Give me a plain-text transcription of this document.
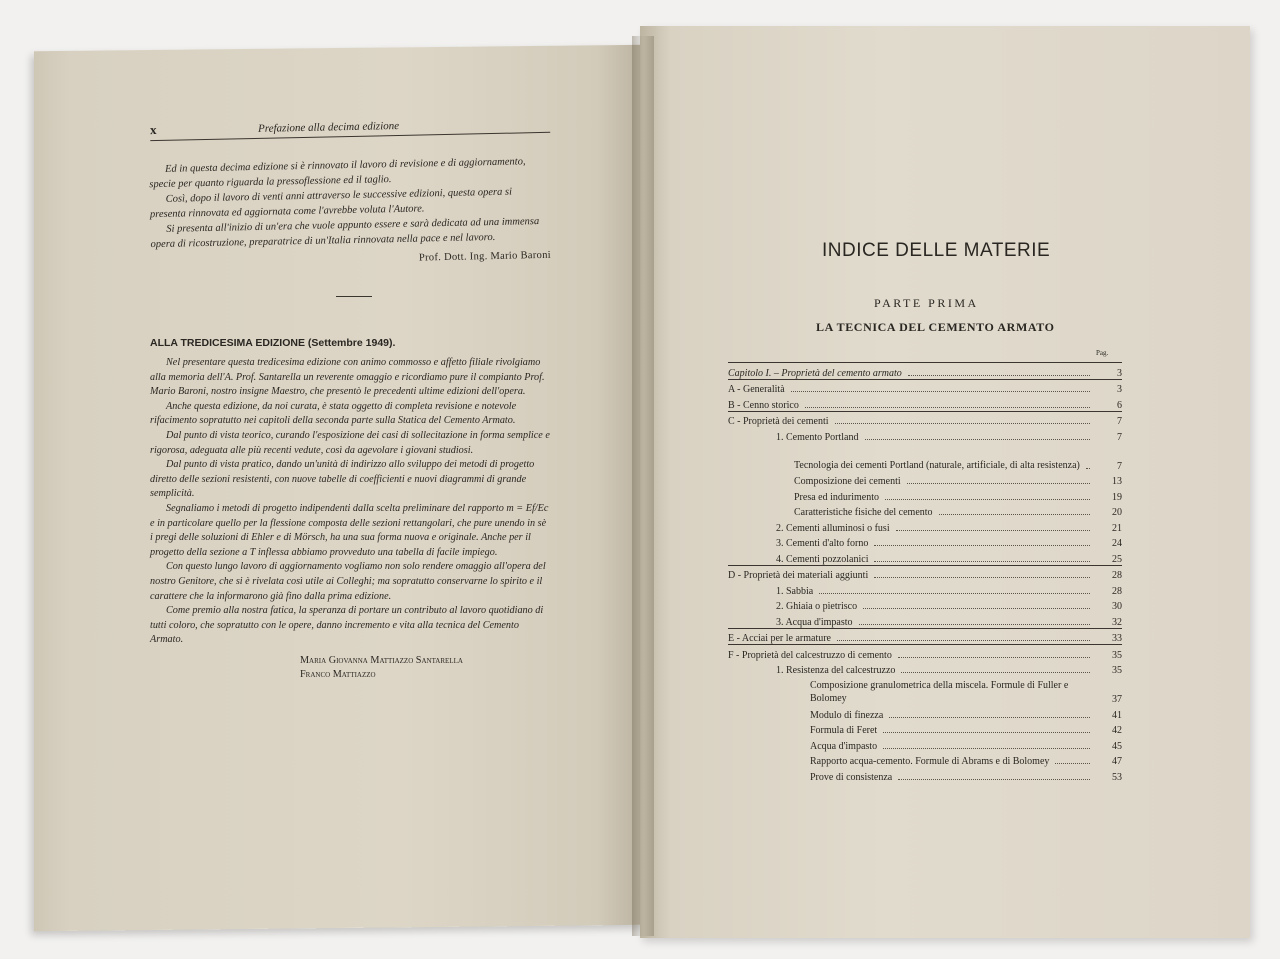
x	Prefazione alla decima edizione

Ed in questa decima edizione si è rinnovato il lavoro di revisione e di aggiornamento, specie per quanto riguarda la pressoflessione ed il taglio.

Così, dopo il lavoro di venti anni attraverso le successive edizioni, questa opera si presenta rinnovata ed aggiornata come l'avrebbe voluta l'Autore.

Si presenta all'inizio di un'era che vuole appunto essere e sarà dedicata ad una immensa opera di ricostruzione, preparatrice di un'Italia rinnovata nella pace e nel lavoro.

Prof. Dott. Ing. Mario Baroni

ALLA TREDICESIMA EDIZIONE (Settembre 1949).

Nel presentare questa tredicesima edizione con animo commosso e affetto filiale rivolgiamo alla memoria dell'A. Prof. Santarella un reverente omaggio e ricordiamo pure il compianto Prof. Mario Baroni, nostro insigne Maestro, che presentò le precedenti ultime edizioni dell'opera.

Anche questa edizione, da noi curata, è stata oggetto di completa revisione e notevole rifacimento sopratutto nei capitoli della seconda parte sulla Statica del Cemento Armato.

Dal punto di vista teorico, curando l'esposizione dei casi di sollecitazione in forma semplice e rigorosa, adeguata alle più recenti vedute, così da agevolare i giovani studiosi.

Dal punto di vista pratico, dando un'unità di indirizzo allo sviluppo dei metodi di progetto diretto delle sezioni resistenti, con nuove tabelle di coefficienti e nuovi diagrammi di grande semplicità.

Segnaliamo i metodi di progetto indipendenti dalla scelta preliminare del rapporto m = Ef/Ec e in particolare quello per la flessione composta delle sezioni rettangolari, che pure unendo in sè i pregi delle soluzioni di Ehler e di Mörsch, ha una sua forma nuova e originale. Anche per il progetto della sezione a T inflessa abbiamo provveduto una tabella di facile impiego.

Con questo lungo lavoro di aggiornamento vogliamo non solo rendere omaggio all'opera del nostro Genitore, che si è rivelata così utile ai Colleghi; ma sopratutto conservarne lo spirito e il carattere che la informarono già fino dalla prima edizione.

Come premio alla nostra fatica, la speranza di portare un contributo al lavoro quotidiano di tutti coloro, che sopratutto con le opere, danno incremento e vita alla tecnica del Cemento Armato.

Maria Giovanna Mattiazzo Santarella

Franco Mattiazzo

INDICE DELLE MATERIE
PARTE PRIMA
LA TECNICA DEL CEMENTO ARMATO
Pag.
Capitolo I. – Proprietà del cemento armato	3
A - Generalità	3
B - Cenno storico	6
C - Proprietà dei cementi	7
1. Cemento Portland	7
Tecnologia dei cementi Portland (naturale, artificiale, di alta resistenza)	7
Composizione dei cementi	13
Presa ed indurimento	19
Caratteristiche fisiche del cemento	20
2. Cementi alluminosi o fusi	21
3. Cementi d'alto forno	24
4. Cementi pozzolanici	25
D - Proprietà dei materiali aggiunti	28
1. Sabbia	28
2. Ghiaia o pietrisco	30
3. Acqua d'impasto	32
E - Acciai per le armature	33
F - Proprietà del calcestruzzo di cemento	35
1. Resistenza del calcestruzzo	35
Composizione granulometrica della miscela. Formule di Fuller e Bolomey	37
Modulo di finezza	41
Formula di Feret	42
Acqua d'impasto	45
Rapporto acqua-cemento. Formule di Abrams e di Bolomey	47
Prove di consistenza	53
